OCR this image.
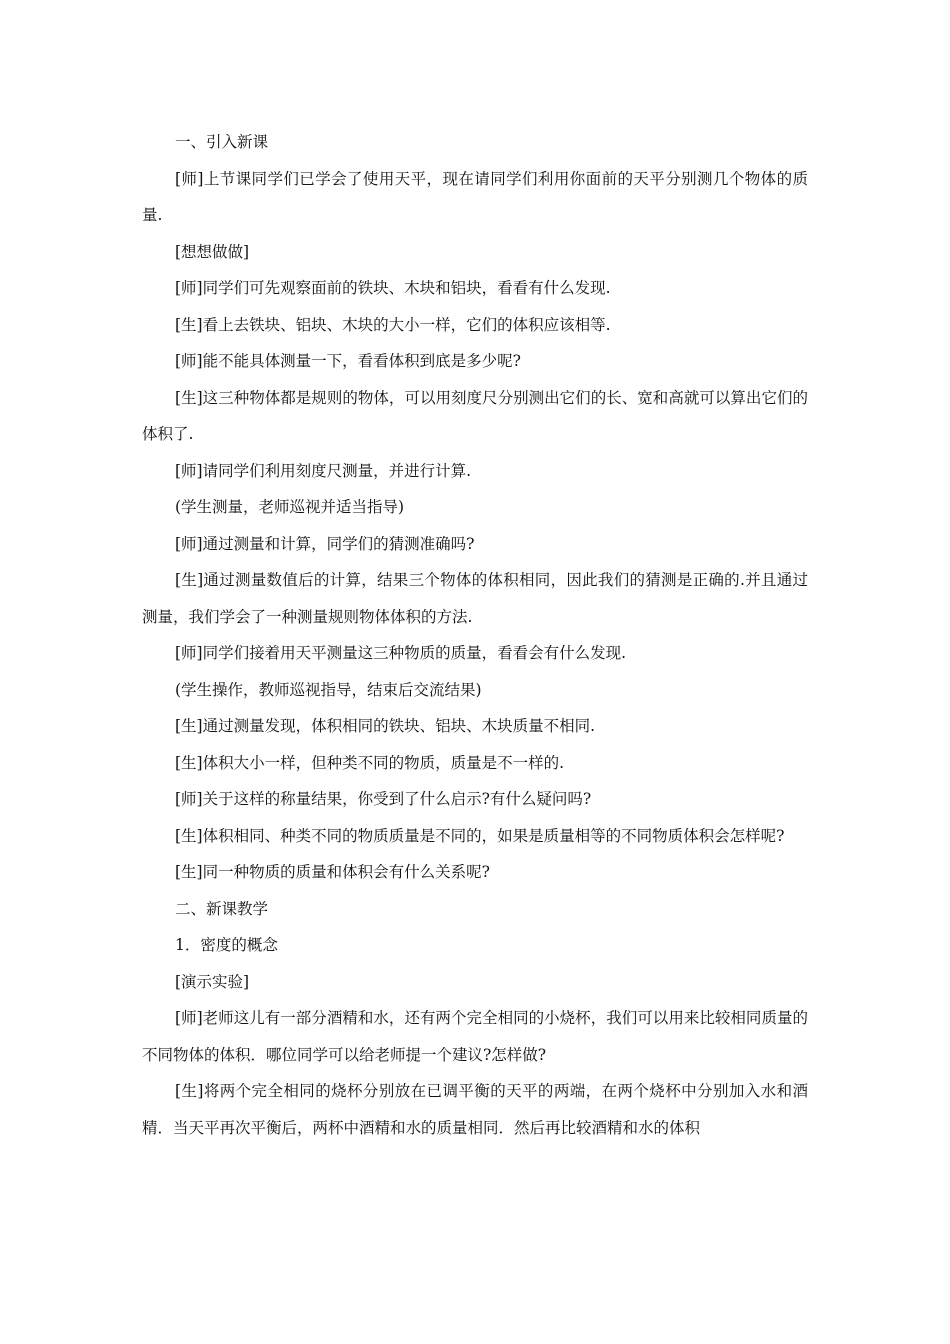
一、引入新课

[师]上节课同学们已学会了使用天平，现在请同学们利用你面前的天平分别测几个物体的质量.

[想想做做]

[师]同学们可先观察面前的铁块、木块和铝块，看看有什么发现.

[生]看上去铁块、铝块、木块的大小一样，它们的体积应该相等.

[师]能不能具体测量一下，看看体积到底是多少呢?

[生]这三种物体都是规则的物体，可以用刻度尺分别测出它们的长、宽和高就可以算出它们的体积了.

[师]请同学们利用刻度尺测量，并进行计算.

(学生测量，老师巡视并适当指导)

[师]通过测量和计算，同学们的猜测准确吗?

[生]通过测量数值后的计算，结果三个物体的体积相同，因此我们的猜测是正确的.并且通过测量，我们学会了一种测量规则物体体积的方法.

[师]同学们接着用天平测量这三种物质的质量，看看会有什么发现.

(学生操作，教师巡视指导，结束后交流结果)

[生]通过测量发现，体积相同的铁块、铝块、木块质量不相同.

[生]体积大小一样，但种类不同的物质，质量是不一样的.

[师]关于这样的称量结果，你受到了什么启示?有什么疑问吗?

[生]体积相同、种类不同的物质质量是不同的，如果是质量相等的不同物质体积会怎样呢?

[生]同一种物质的质量和体积会有什么关系呢?

二、新课教学

1．密度的概念

[演示实验]

[师]老师这儿有一部分酒精和水，还有两个完全相同的小烧杯，我们可以用来比较相同质量的不同物体的体积．哪位同学可以给老师提一个建议?怎样做?

[生]将两个完全相同的烧杯分别放在已调平衡的天平的两端，在两个烧杯中分别加入水和酒精．当天平再次平衡后，两杯中酒精和水的质量相同．然后再比较酒精和水的体积
